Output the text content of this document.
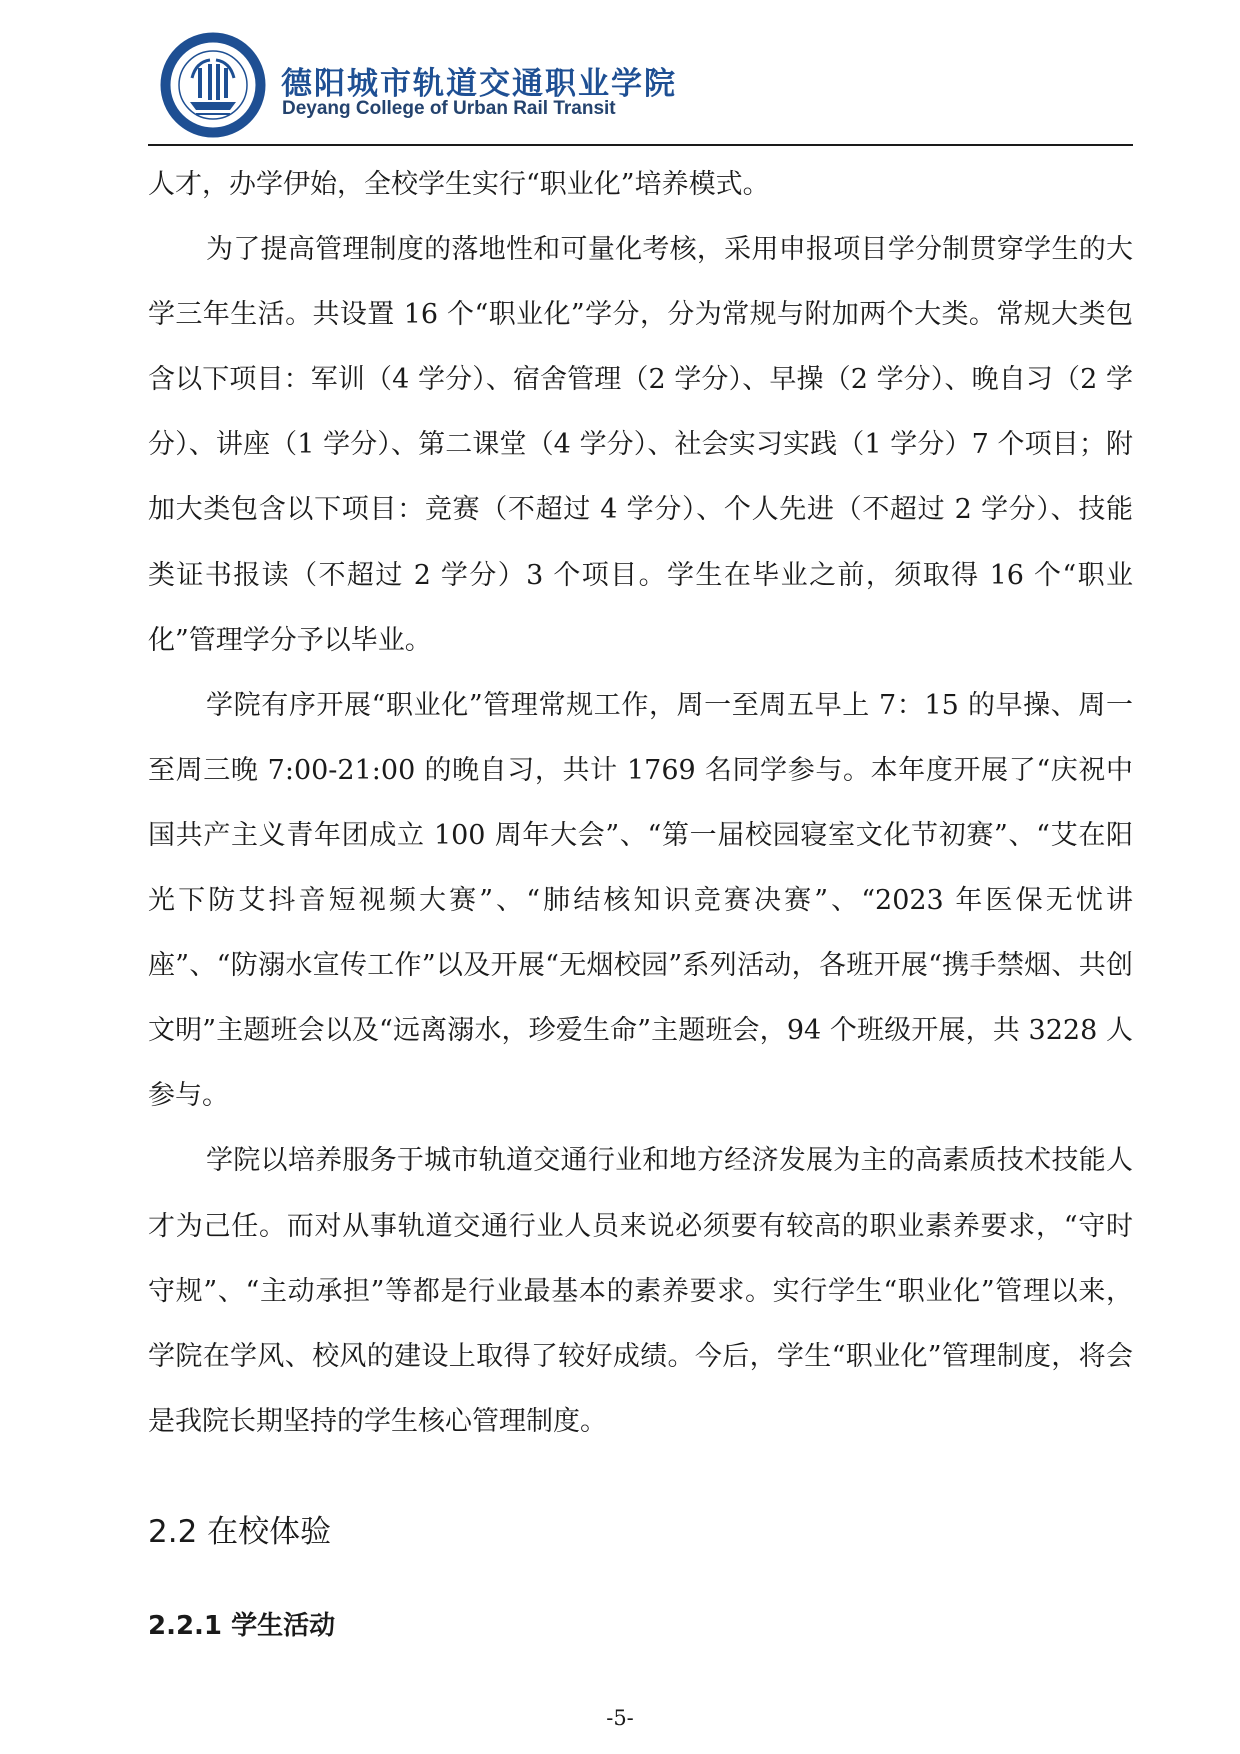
德阳城市轨道交通职业学院
Deyang College of Urban Rail Transit

人才，办学伊始，全校学生实行“职业化”培养模式。

为了提高管理制度的落地性和可量化考核，采用申报项目学分制贯穿学生的大学三年生活。共设置 16 个“职业化”学分，分为常规与附加两个大类。常规大类包含以下项目：军训（4 学分）、宿舍管理（2 学分）、早操（2 学分）、晚自习（2 学分）、讲座（1 学分）、第二课堂（4 学分）、社会实习实践（1 学分）7 个项目；附加大类包含以下项目：竞赛（不超过 4 学分）、个人先进（不超过 2 学分）、技能类证书报读（不超过 2 学分）3 个项目。学生在毕业之前，须取得 16 个“职业化”管理学分予以毕业。

学院有序开展“职业化”管理常规工作，周一至周五早上 7：15 的早操、周一至周三晚 7:00-21:00 的晚自习，共计 1769 名同学参与。本年度开展了“庆祝中国共产主义青年团成立 100 周年大会”、“第一届校园寝室文化节初赛”、“艾在阳光下防艾抖音短视频大赛”、“肺结核知识竞赛决赛”、“2023 年医保无忧讲座”、“防溺水宣传工作”以及开展“无烟校园”系列活动，各班开展“携手禁烟、共创文明”主题班会以及“远离溺水，珍爱生命”主题班会，94 个班级开展，共 3228 人参与。

学院以培养服务于城市轨道交通行业和地方经济发展为主的高素质技术技能人才为己任。而对从事轨道交通行业人员来说必须要有较高的职业素养要求，“守时守规”、“主动承担”等都是行业最基本的素养要求。实行学生“职业化”管理以来，学院在学风、校风的建设上取得了较好成绩。今后，学生“职业化”管理制度，将会是我院长期坚持的学生核心管理制度。

2.2 在校体验
2.2.1 学生活动
-5-
